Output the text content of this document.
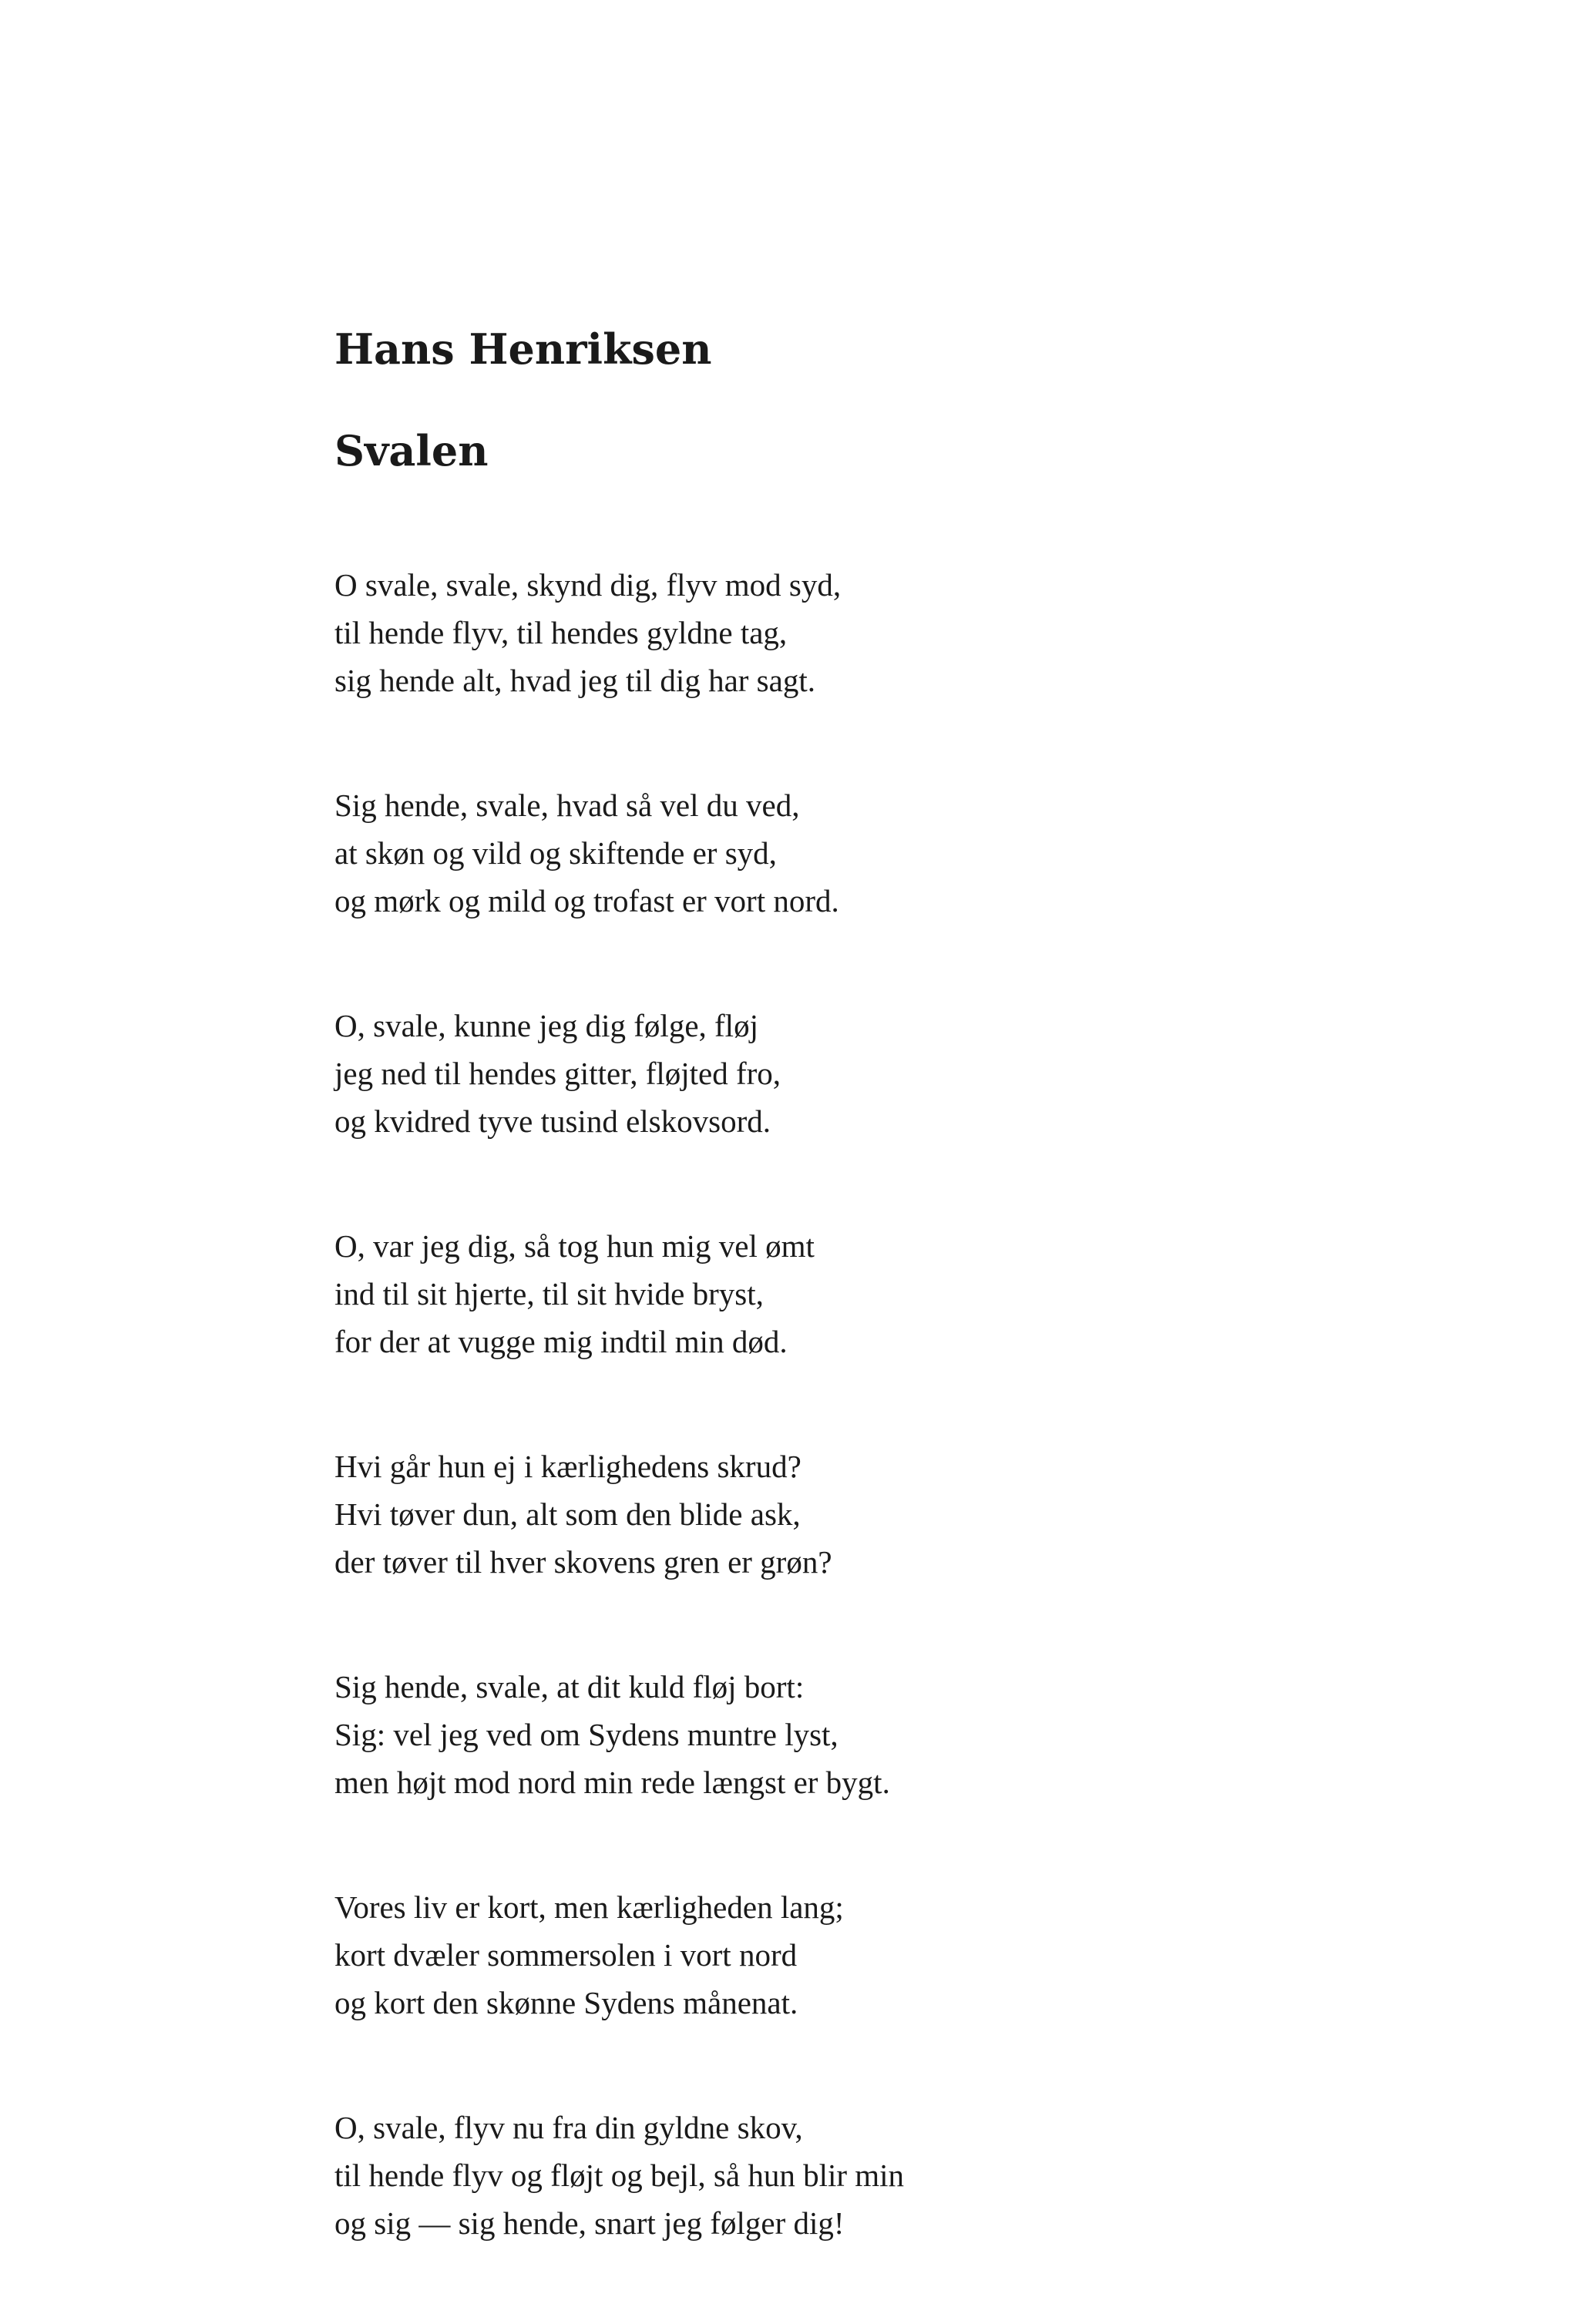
Hans Henriksen
Svalen

O svale, svale, skynd dig, flyv mod syd,
til hende flyv, til hendes gyldne tag,
sig hende alt, hvad jeg til dig har sagt.

Sig hende, svale, hvad så vel du ved,
at skøn og vild og skiftende er syd,
og mørk og mild og trofast er vort nord.

O, svale, kunne jeg dig følge, fløj
jeg ned til hendes gitter, fløjted fro,
og kvidred tyve tusind elskovsord.

O, var jeg dig, så tog hun mig vel ømt
ind til sit hjerte, til sit hvide bryst,
for der at vugge mig indtil min død.

Hvi går hun ej i kærlighedens skrud?
Hvi tøver dun, alt som den blide ask,
der tøver til hver skovens gren er grøn?

Sig hende, svale, at dit kuld fløj bort:
Sig: vel jeg ved om Sydens muntre lyst,
men højt mod nord min rede længst er bygt.

Vores liv er kort, men kærligheden lang;
kort dvæler sommersolen i vort nord
og kort den skønne Sydens månenat.

O, svale, flyv nu fra din gyldne skov,
til hende flyv og fløjt og bejl, så hun blir min
og sig — sig hende, snart jeg følger dig!
